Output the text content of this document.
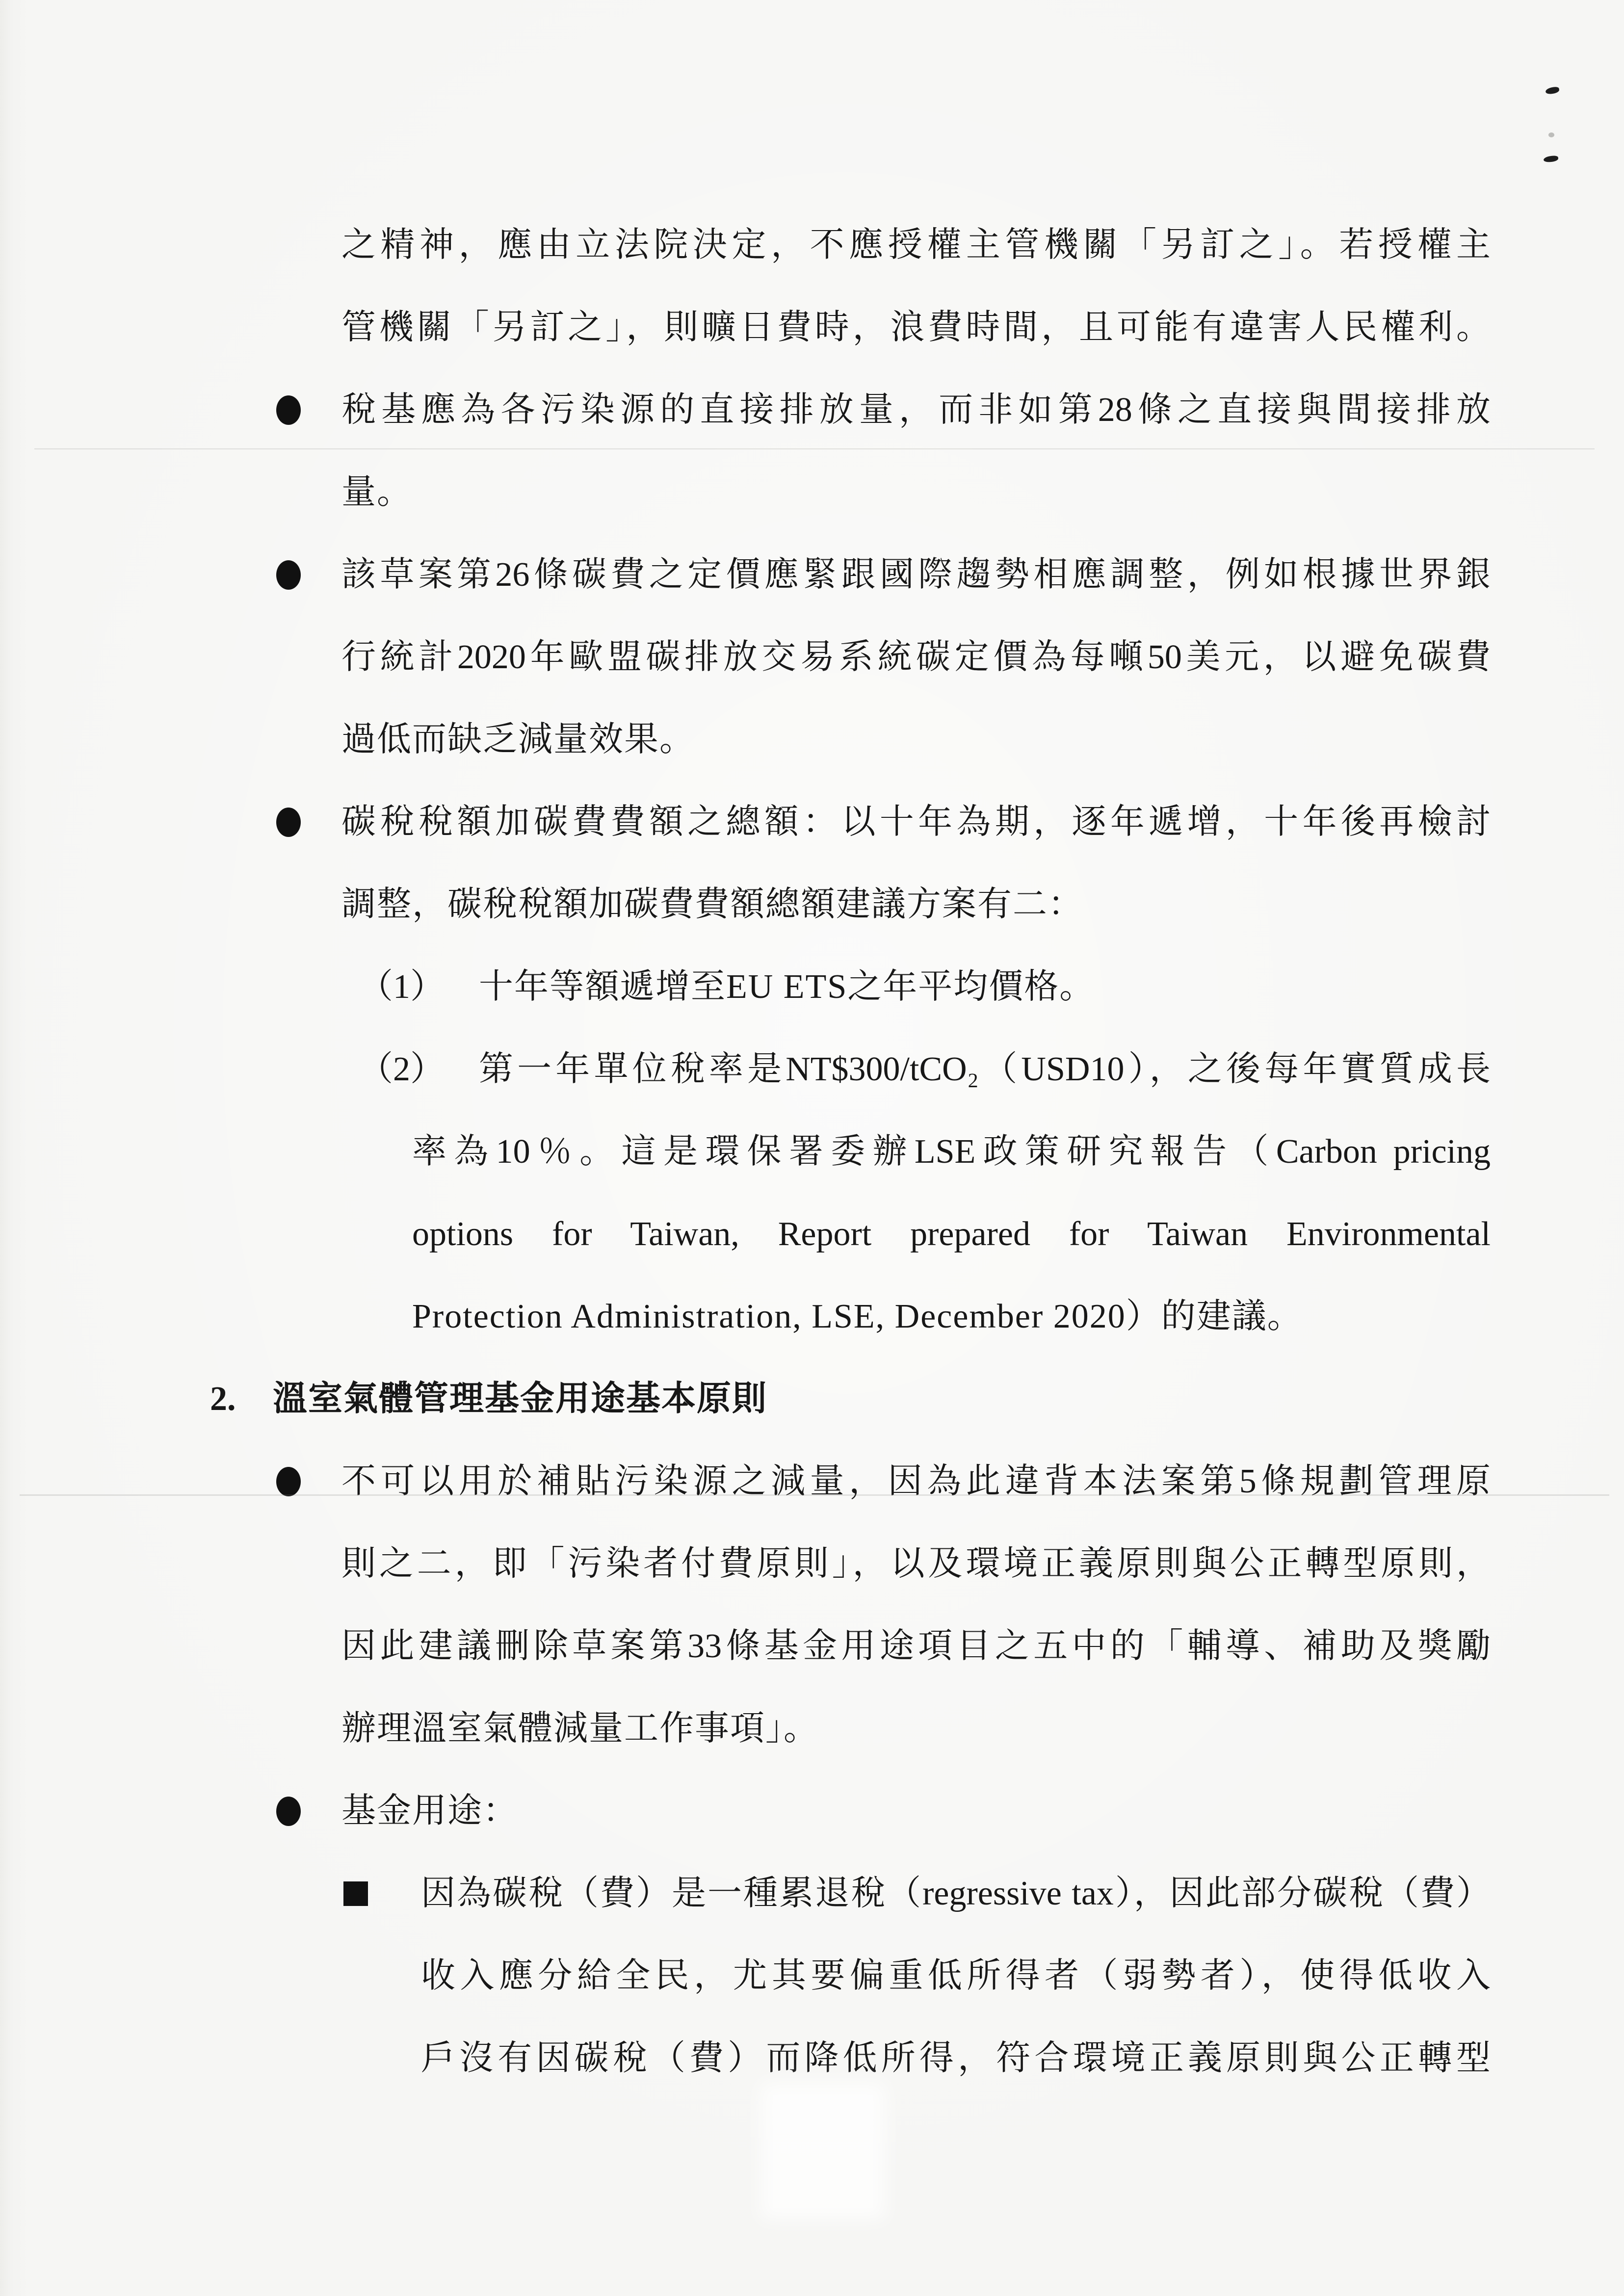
之精神，應由立法院決定，不應授權主管機關「另訂之」。若授權主
管機關「另訂之」，則曠日費時，浪費時間，且可能有違害人民權利。
稅基應為各污染源的直接排放量，而非如第28條之直接與間接排放
量。
該草案第26條碳費之定價應緊跟國際趨勢相應調整，例如根據世界銀
行統計2020年歐盟碳排放交易系統碳定價為每噸50美元，以避免碳費
過低而缺乏減量效果。
碳稅稅額加碳費費額之總額：以十年為期，逐年遞增，十年後再檢討
調整，碳稅稅額加碳費費額總額建議方案有二：
（1） 十年等額遞增至EU ETS之年平均價格。
（2） 第一年單位稅率是NT$300/tCO₂（USD10），之後每年實質成長
率為10％。這是環保署委辦LSE政策研究報告（Carbon pricing
options for Taiwan, Report prepared for Taiwan Environmental
Protection Administration, LSE, December 2020）的建議。
2. 溫室氣體管理基金用途基本原則
不可以用於補貼污染源之減量，因為此違背本法案第5條規劃管理原
則之二，即「污染者付費原則」，以及環境正義原則與公正轉型原則，
因此建議刪除草案第33條基金用途項目之五中的「輔導、補助及獎勵
辦理溫室氣體減量工作事項」。
基金用途：
因為碳稅（費）是一種累退稅（regressive tax），因此部分碳稅（費）
收入應分給全民，尤其要偏重低所得者（弱勢者），使得低收入
戶沒有因碳稅（費）而降低所得，符合環境正義原則與公正轉型
